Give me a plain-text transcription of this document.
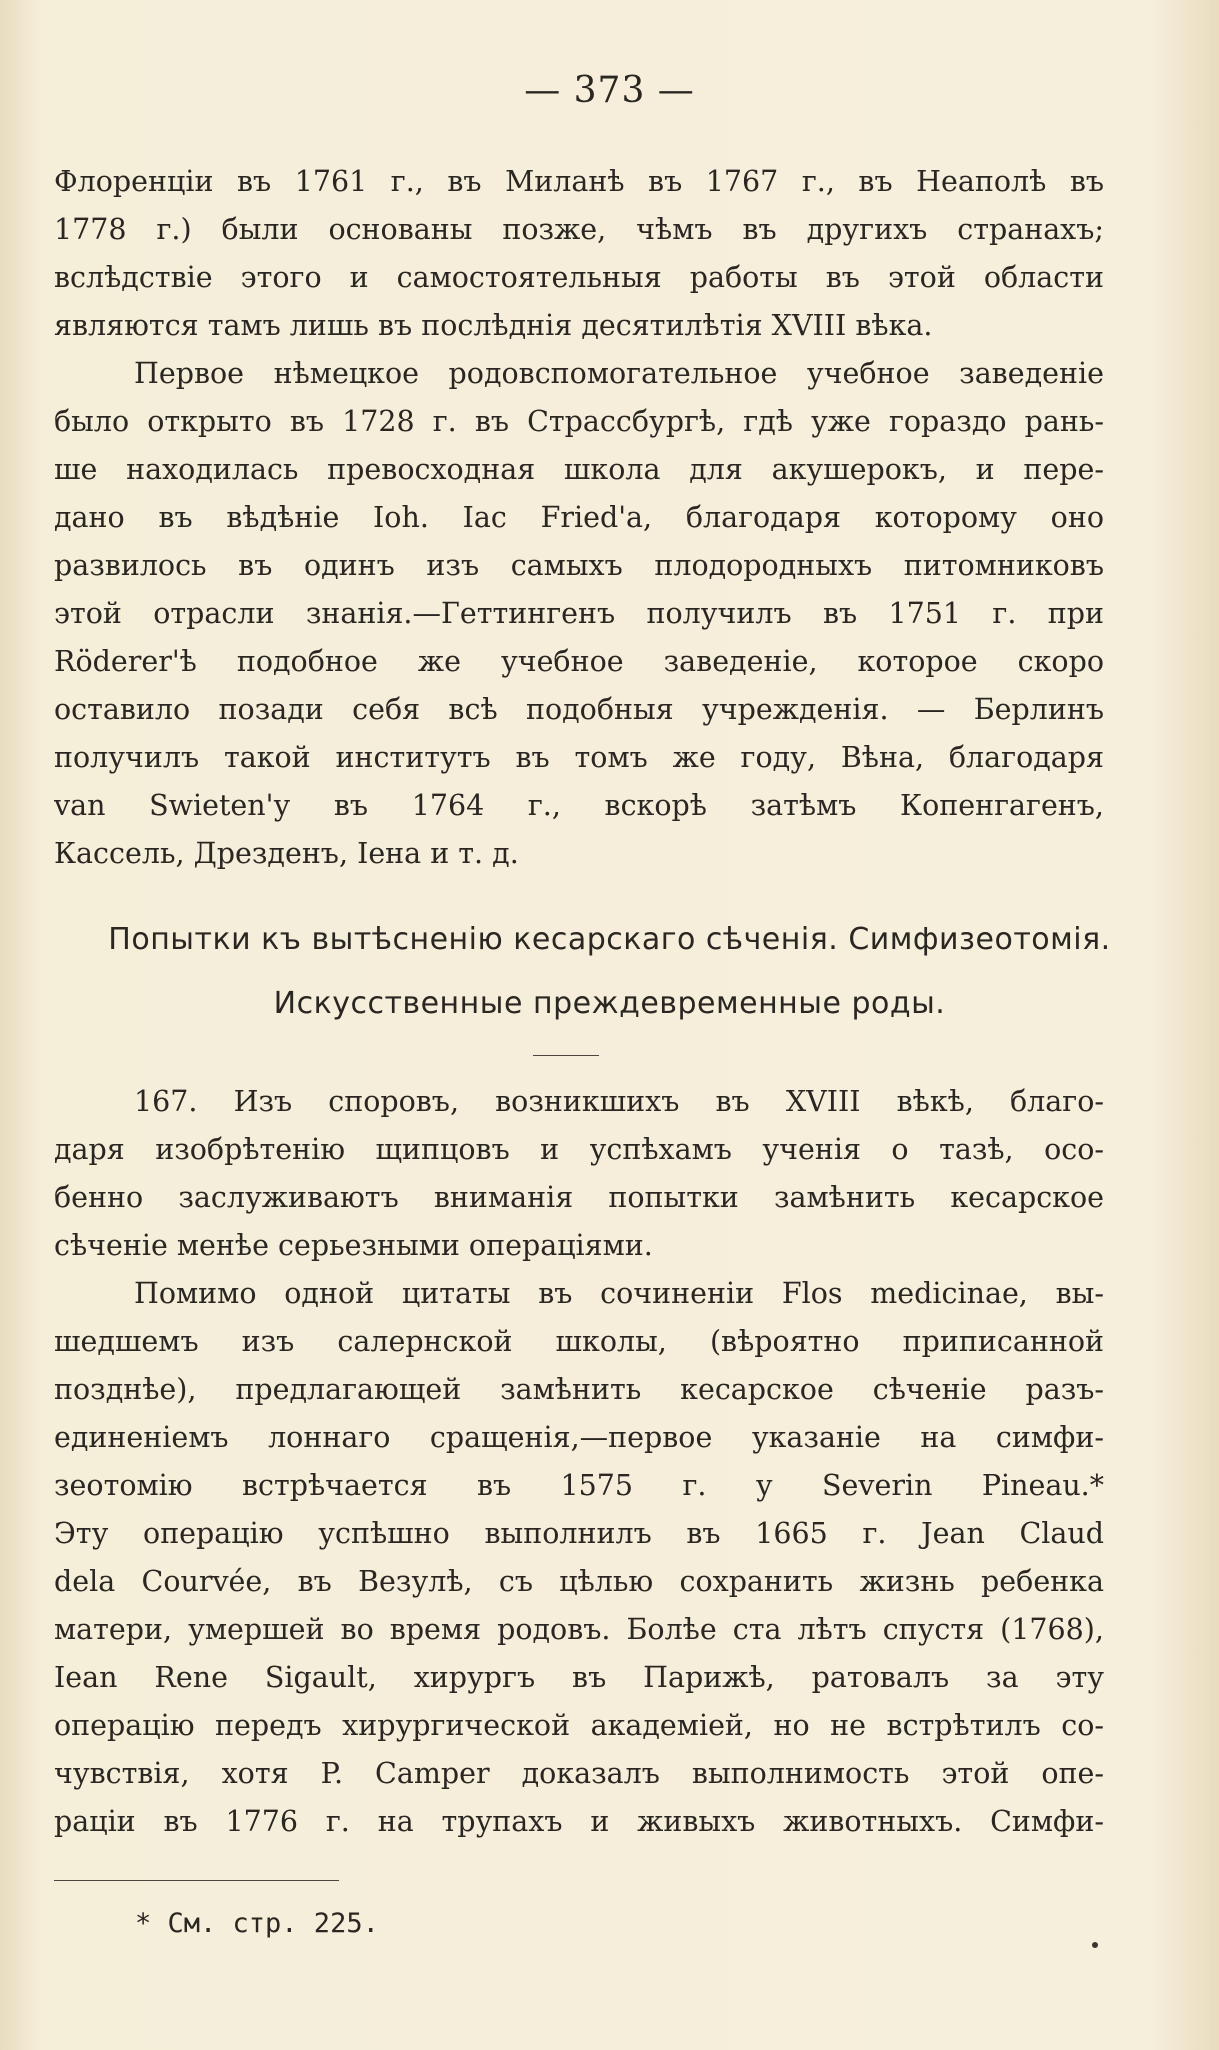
— 373 —
Флоренціи въ 1761 г., въ Миланѣ въ 1767 г., въ Неаполѣ въ
1778 г.) были основаны позже, чѣмъ въ другихъ странахъ;
вслѣдствіе этого и самостоятельныя работы въ этой области
являются тамъ лишь въ послѣднія десятилѣтія XVIII вѣка.
Первое нѣмецкое родовспомогательное учебное заведеніе
было открыто въ 1728 г. въ Страссбургѣ, гдѣ уже гораздо рань-
ше находилась превосходная школа для акушерокъ, и пере-
дано въ вѣдѣніе Ioh. Iac Fried'a, благодаря которому оно
развилось въ одинъ изъ самыхъ плодородныхъ питомниковъ
этой отрасли знанія.—Геттингенъ получилъ въ 1751 г. при
Röderer'ѣ подобное же учебное заведеніе, которое скоро
оставило позади себя всѣ подобныя учрежденія. — Берлинъ
получилъ такой институтъ въ томъ же году, Вѣна, благодаря
van Swieten'у въ 1764 г., вскорѣ затѣмъ Копенгагенъ,
Кассель, Дрезденъ, Iена и т. д.
Попытки къ вытѣсненію кесарскаго сѣченія. Симфизеотомія.
Искусственные преждевременные роды.
167. Изъ споровъ, возникшихъ въ XVIII вѣкѣ, благо-
даря изобрѣтенію щипцовъ и успѣхамъ ученія о тазѣ, осо-
бенно заслуживаютъ вниманія попытки замѣнить кесарское
сѣченіе менѣе серьезными операціями.
Помимо одной цитаты въ сочиненіи Flos medicinae, вы-
шедшемъ изъ салернской школы, (вѣроятно приписанной
позднѣе), предлагающей замѣнить кесарское сѣченіе разъ-
единеніемъ лоннаго сращенія,—первое указаніе на симфи-
зеотомію встрѣчается въ 1575 г. у Severin Pineau.*
Эту операцію успѣшно выполнилъ въ 1665 г. Jean Claud
dela Courvée, въ Везулѣ, съ цѣлью сохранить жизнь ребенка
матери, умершей во время родовъ. Болѣе ста лѣтъ спустя (1768),
Iean Rene Sigault, хирургъ въ Парижѣ, ратовалъ за эту
операцію передъ хирургической академіей, но не встрѣтилъ со-
чувствія, хотя P. Camper доказалъ выполнимость этой опе-
раціи въ 1776 г. на трупахъ и живыхъ животныхъ. Симфи-
* См. стр. 225.
